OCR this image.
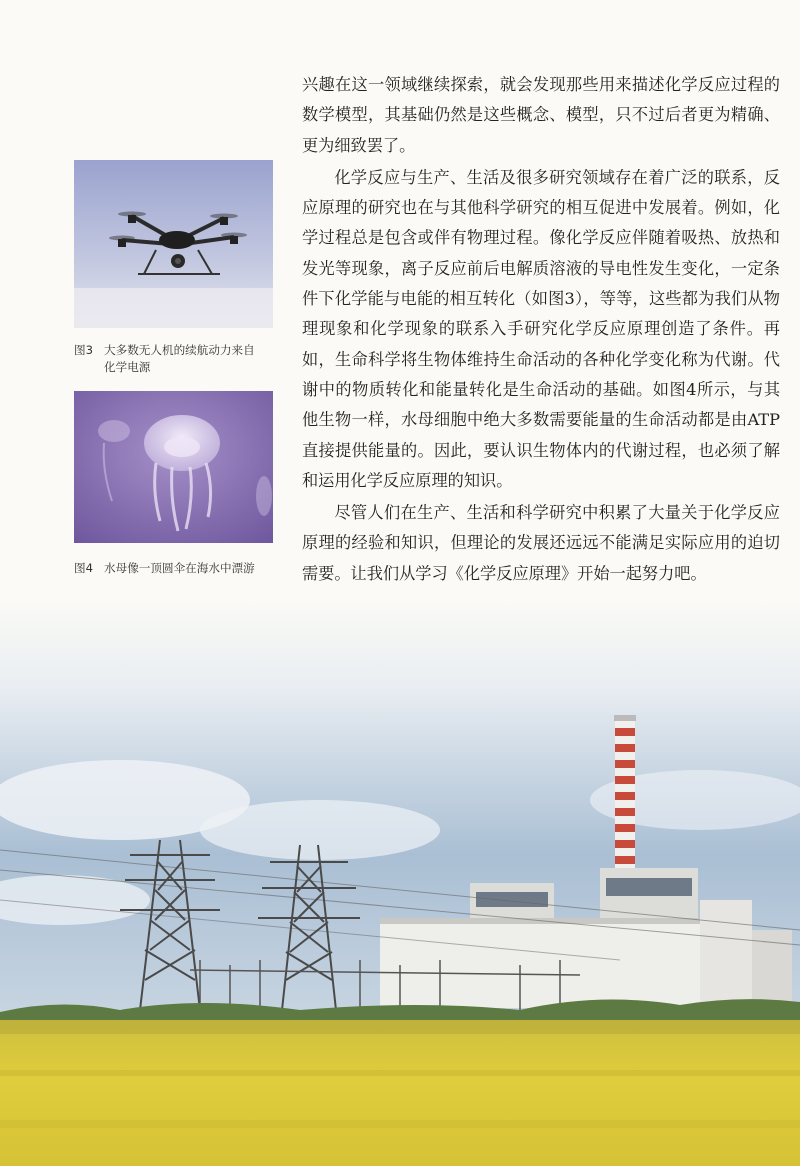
兴趣在这一领域继续探索，就会发现那些用来描述化学反应过程的数学模型，其基础仍然是这些概念、模型，只不过后者更为精确、更为细致罢了。

化学反应与生产、生活及很多研究领域存在着广泛的联系，反应原理的研究也在与其他科学研究的相互促进中发展着。例如，化学过程总是包含或伴有物理过程。像化学反应伴随着吸热、放热和发光等现象，离子反应前后电解质溶液的导电性发生变化，一定条件下化学能与电能的相互转化（如图3），等等，这些都为我们从物理现象和化学现象的联系入手研究化学反应原理创造了条件。再如，生命科学将生物体维持生命活动的各种化学变化称为代谢。代谢中的物质转化和能量转化是生命活动的基础。如图4所示，与其他生物一样，水母细胞中绝大多数需要能量的生命活动都是由ATP直接提供能量的。因此，要认识生物体内的代谢过程，也必须了解和运用化学反应原理的知识。

尽管人们在生产、生活和科学研究中积累了大量关于化学反应原理的经验和知识，但理论的发展还远远不能满足实际应用的迫切需要。让我们从学习《化学反应原理》开始一起努力吧。

图3 大多数无人机的续航动力来自
化学电源
图4 水母像一顶圆伞在海水中漂游
